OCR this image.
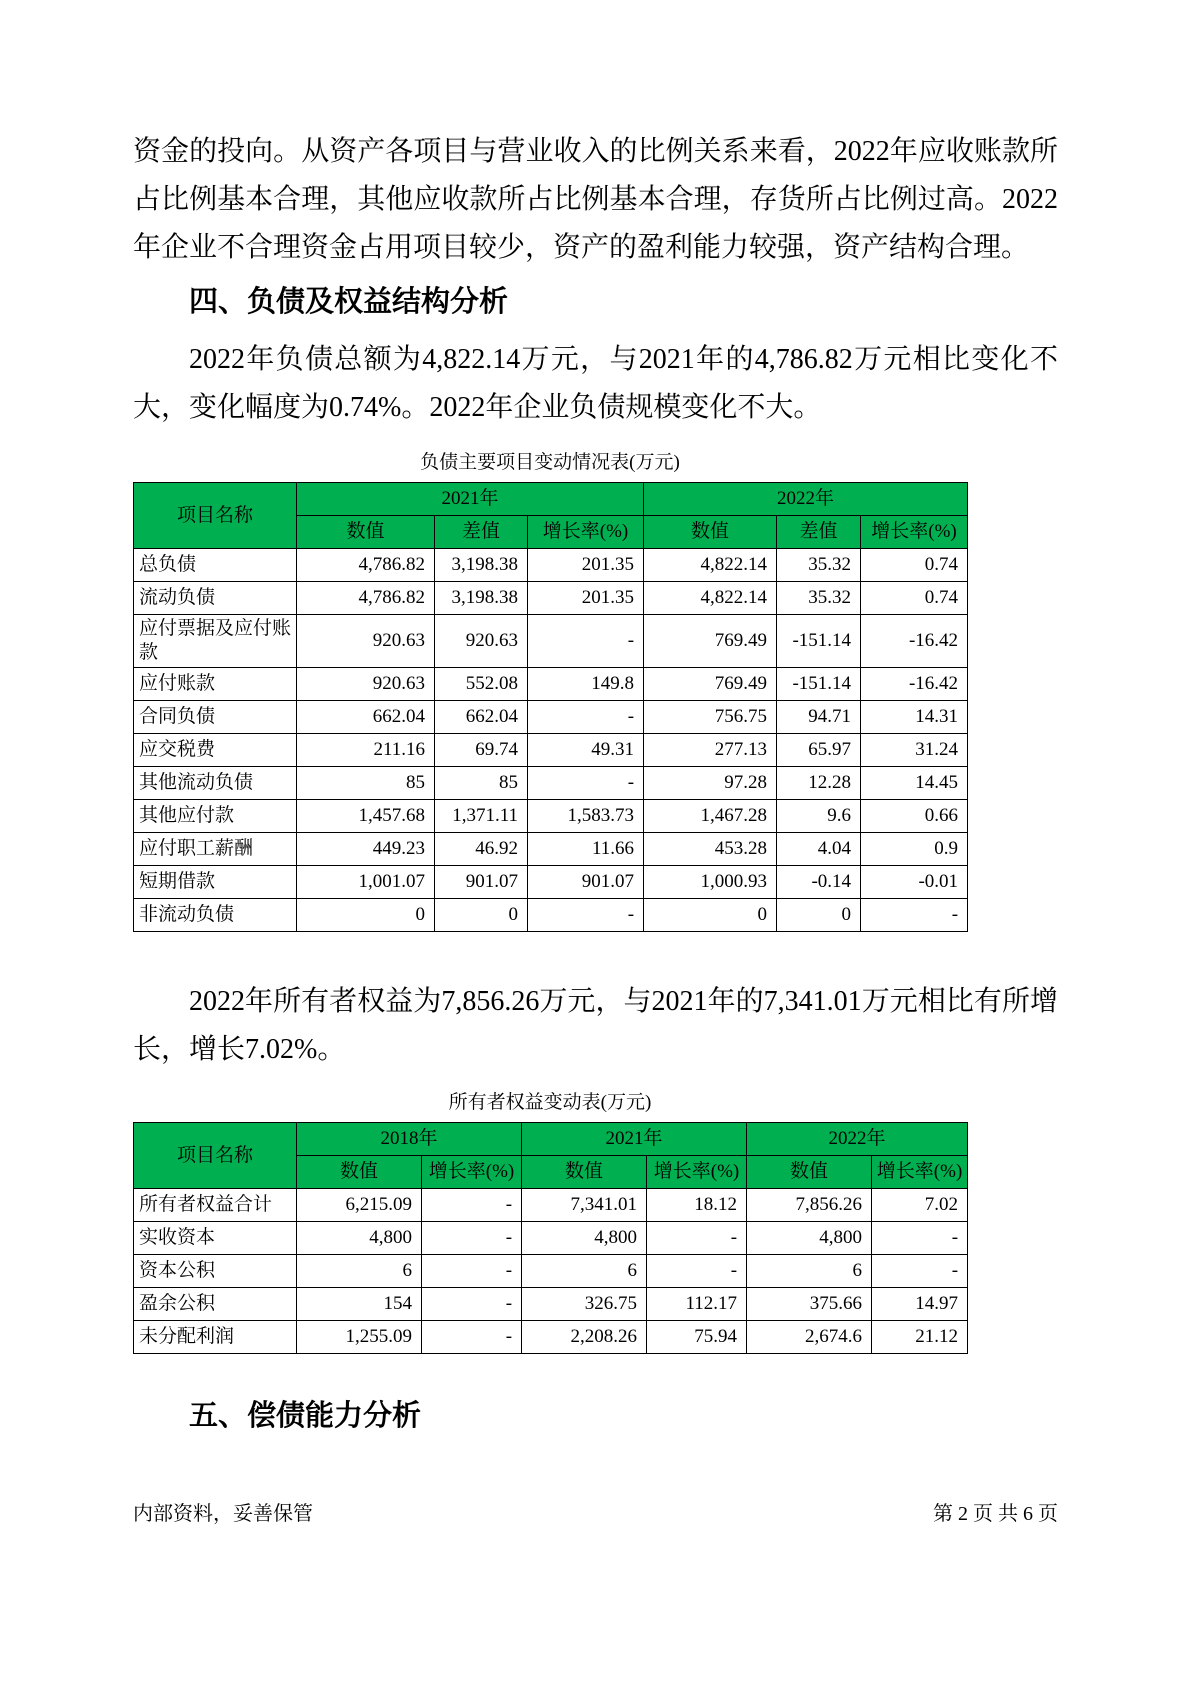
资金的投向。从资产各项目与营业收入的比例关系来看，2022年应收账款所占比例基本合理，其他应收款所占比例基本合理，存货所占比例过高。2022年企业不合理资金占用项目较少，资产的盈利能力较强，资产结构合理。

四、负债及权益结构分析

2022年负债总额为4,822.14万元，与2021年的4,786.82万元相比变化不大，变化幅度为0.74%。2022年企业负债规模变化不大。

负债主要项目变动情况表(万元)
项目名称	2021年			2022年		
	数值	差值	增长率(%)	数值	差值	增长率(%)
总负债	4,786.82	3,198.38	201.35	4,822.14	35.32	0.74
流动负债	4,786.82	3,198.38	201.35	4,822.14	35.32	0.74
应付票据及应付账款	920.63	920.63	-	769.49	-151.14	-16.42
应付账款	920.63	552.08	149.8	769.49	-151.14	-16.42
合同负债	662.04	662.04	-	756.75	94.71	14.31
应交税费	211.16	69.74	49.31	277.13	65.97	31.24
其他流动负债	85	85	-	97.28	12.28	14.45
其他应付款	1,457.68	1,371.11	1,583.73	1,467.28	9.6	0.66
应付职工薪酬	449.23	46.92	11.66	453.28	4.04	0.9
短期借款	1,001.07	901.07	901.07	1,000.93	-0.14	-0.01
非流动负债	0	0	-	0	0	-

2022年所有者权益为7,856.26万元，与2021年的7,341.01万元相比有所增长，增长7.02%。

所有者权益变动表(万元)
项目名称	2018年		2021年		2022年	
	数值	增长率(%)	数值	增长率(%)	数值	增长率(%)
所有者权益合计	6,215.09	-	7,341.01	18.12	7,856.26	7.02
实收资本	4,800	-	4,800	-	4,800	-
资本公积	6	-	6	-	6	-
盈余公积	154	-	326.75	112.17	375.66	14.97
未分配利润	1,255.09	-	2,208.26	75.94	2,674.6	21.12
五、偿债能力分析
内部资料，妥善保管	第 2 页 共 6 页
